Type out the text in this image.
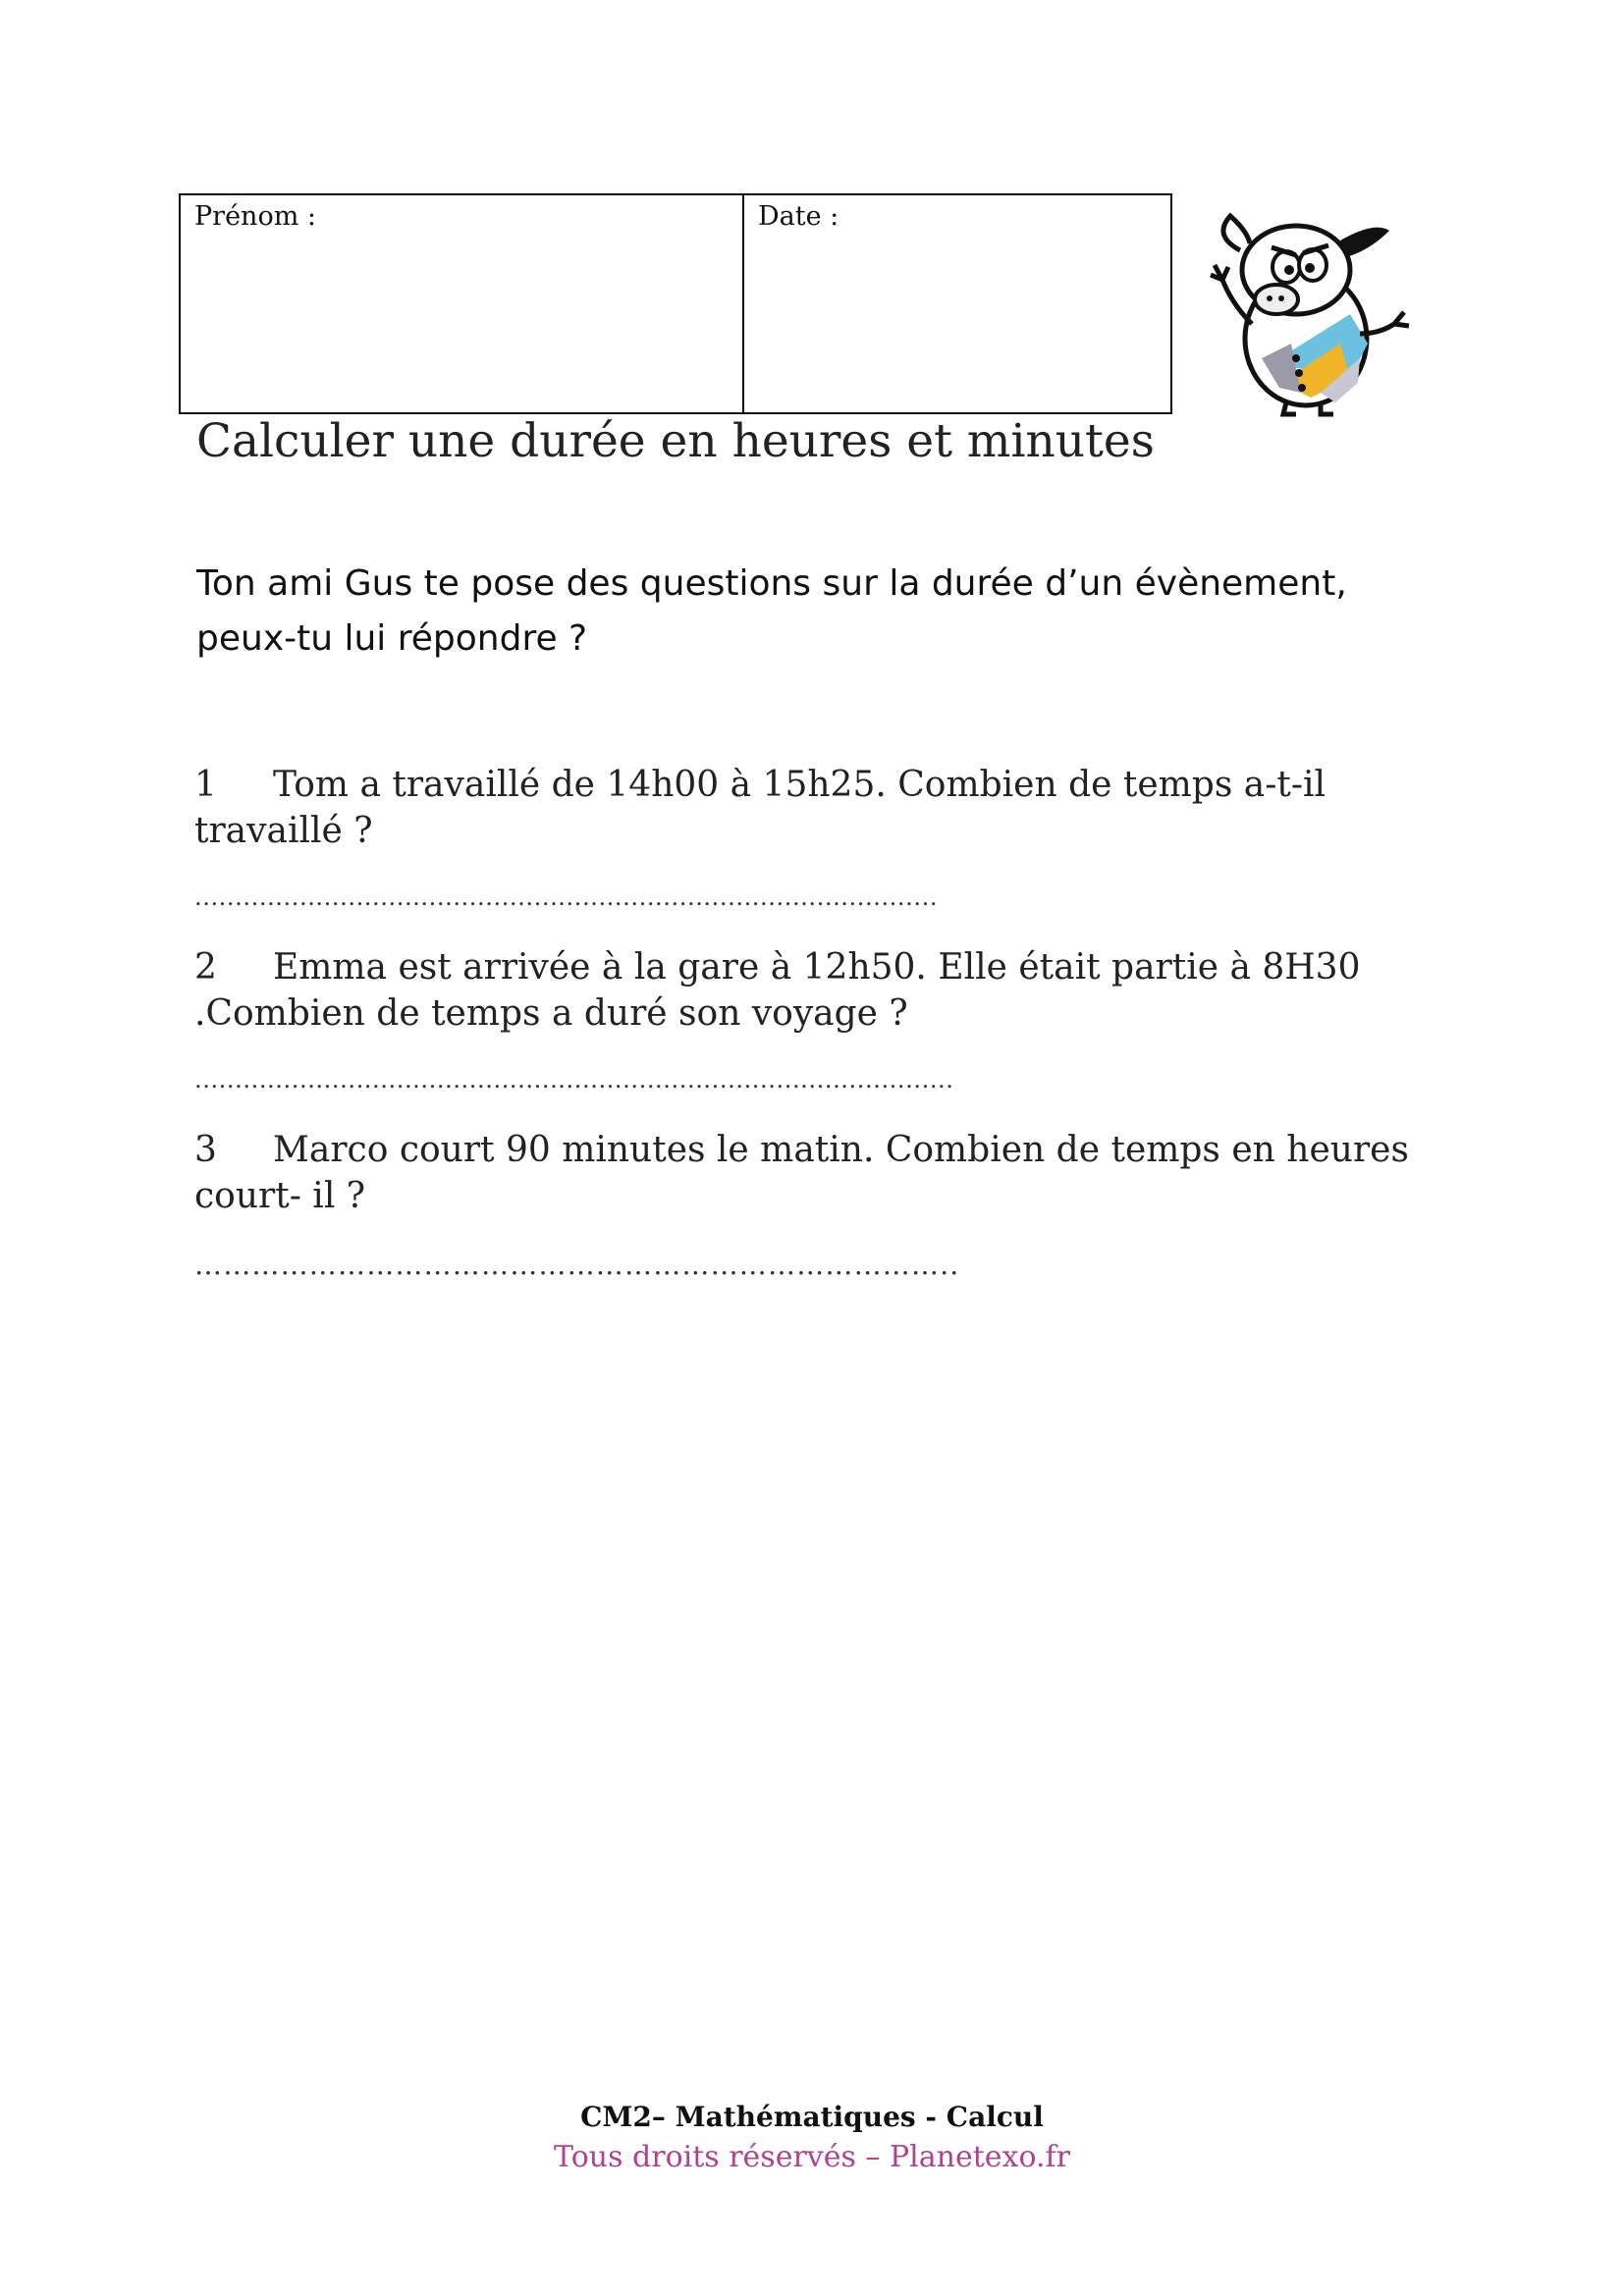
Prénom :	Date :
Calculer une durée en heures et minutes

Ton ami Gus te pose des questions sur la durée d’un évènement, peux-tu lui répondre ?

1 Tom a travaillé de 14h00 à 15h25. Combien de temps a-t-il travaillé ?

............................................................................................

2 Emma est arrivée à la gare à 12h50. Elle était partie à 8H30 .Combien de temps a duré son voyage ?

..............................................................................................

3 Marco court 90 minutes le matin. Combien de temps en heures court- il ?

……………………………………………………………………..
CM2– Mathématiques - Calcul
Tous droits réservés – Planetexo.fr
